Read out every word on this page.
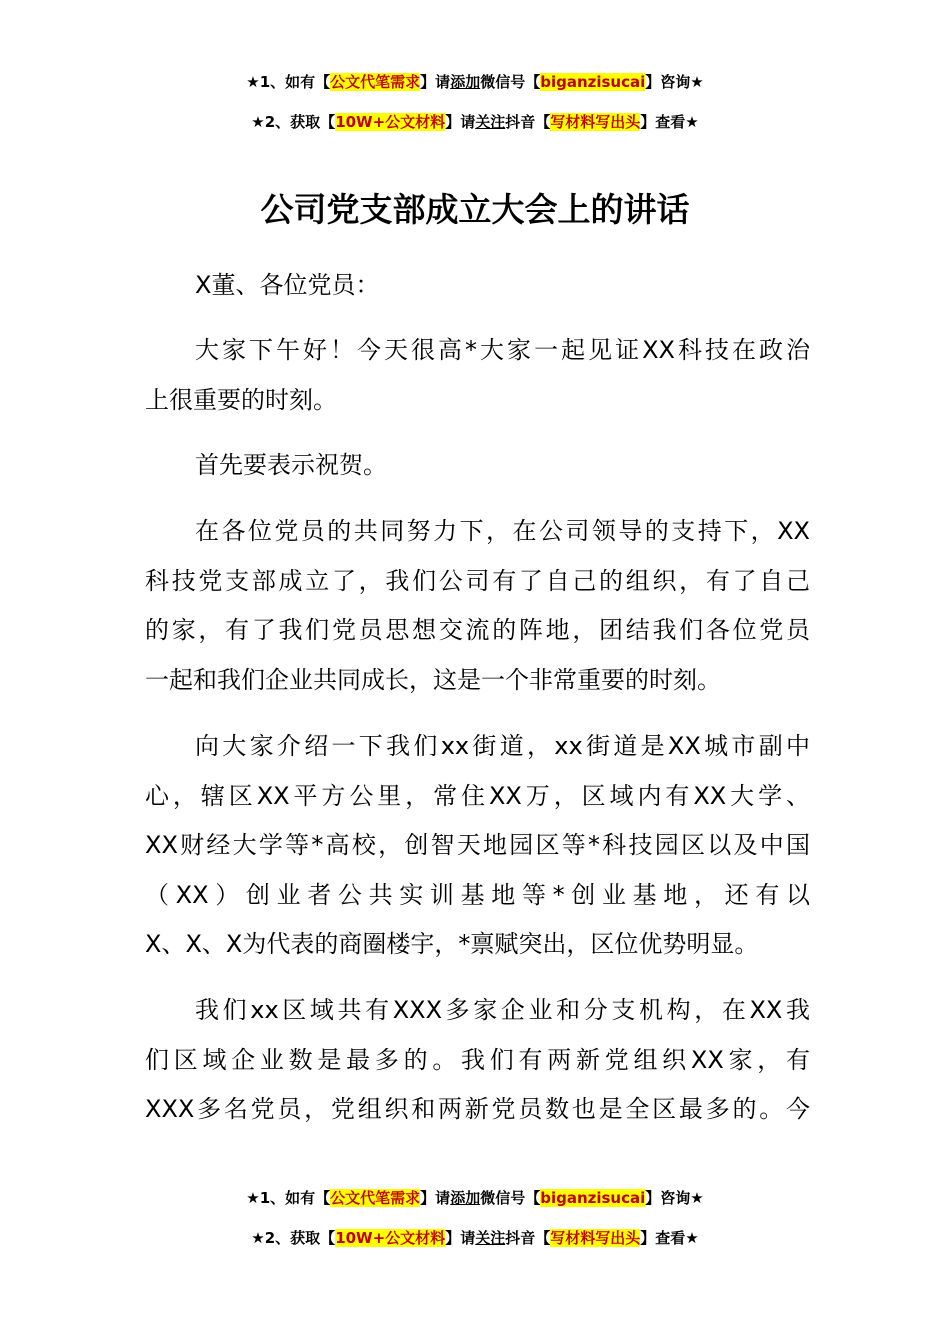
★1、如有【公文代笔需求】请添加微信号【biganzisucai】咨询★
★2、获取【10W+公文材料】请关注抖音【写材料写出头】查看★
公司党支部成立大会上的讲话
X董、各位党员：
大家下午好！今天很高*大家一起见证XX科技在政治
上很重要的时刻。
首先要表示祝贺。
在各位党员的共同努力下，在公司领导的支持下，XX
科技党支部成立了，我们公司有了自己的组织，有了自己
的家，有了我们党员思想交流的阵地，团结我们各位党员
一起和我们企业共同成长，这是一个非常重要的时刻。
向大家介绍一下我们xx街道，xx街道是XX城市副中
心，辖区XX平方公里，常住XX万，区域内有XX大学、
XX财经大学等*高校，创智天地园区等*科技园区以及中国
（XX）创业者公共实训基地等*创业基地，还有以
X、X、X为代表的商圈楼宇，*禀赋突出，区位优势明显。
我们xx区域共有XXX多家企业和分支机构，在XX我
们区域企业数是最多的。我们有两新党组织XX家，有
XXX多名党员，党组织和两新党员数也是全区最多的。今
★1、如有【公文代笔需求】请添加微信号【biganzisucai】咨询★
★2、获取【10W+公文材料】请关注抖音【写材料写出头】查看★
